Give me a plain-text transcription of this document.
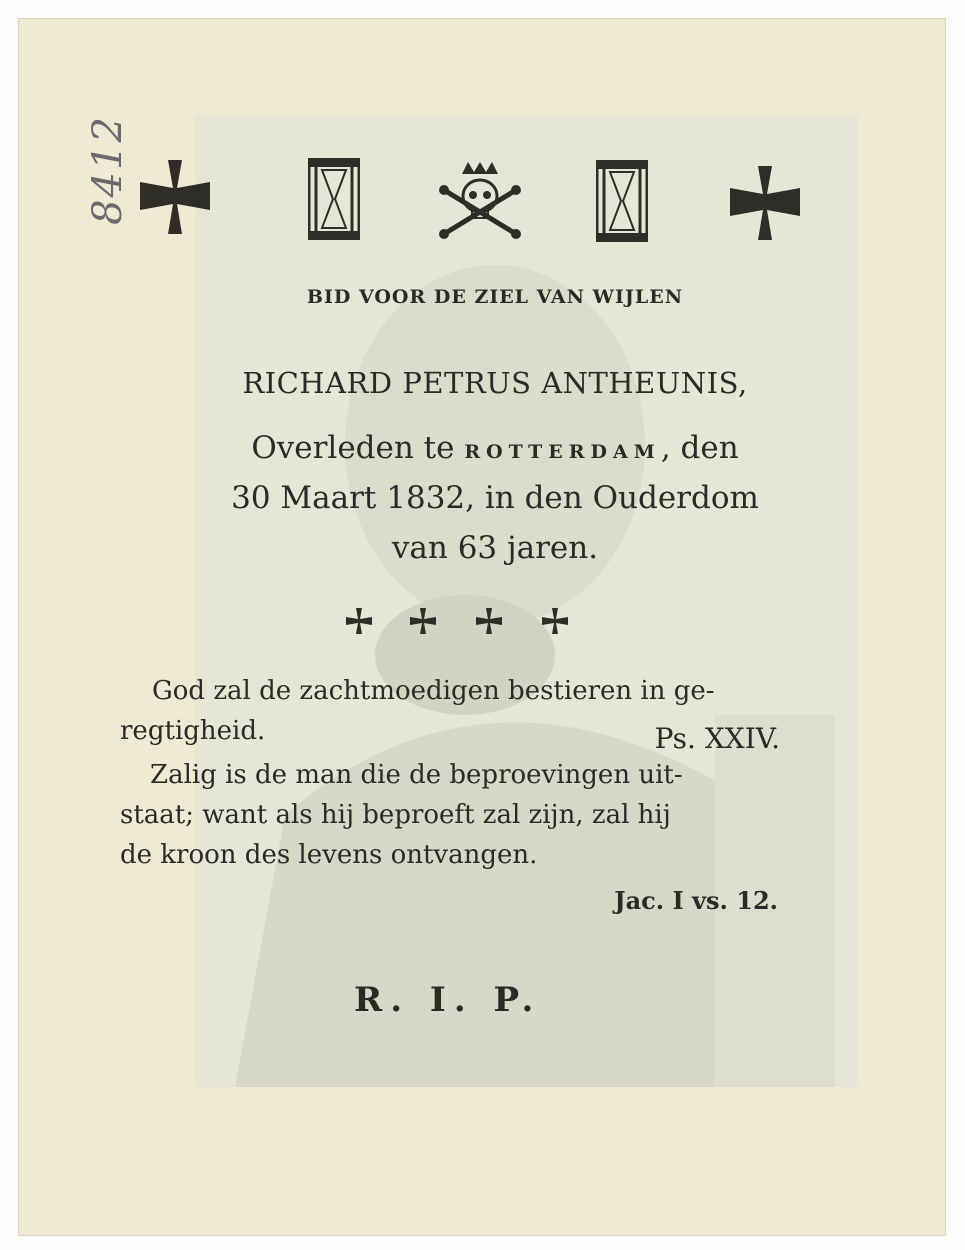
8412
BID VOOR DE ZIEL VAN WIJLEN
RICHARD PETRUS ANTHEUNIS,
Overleden te ROTTERDAM, den
30 Maart 1832, in den Ouderdom
van 63 jaren.
God zal de zachtmoedigen bestieren in ge-
regtigheid.	Ps. XXIV.
Zalig is de man die de beproevingen uit-
staat; want als hij beproeft zal zijn, zal hij
de kroon des levens ontvangen.
Jac. I vs. 12.
R. I. P.
